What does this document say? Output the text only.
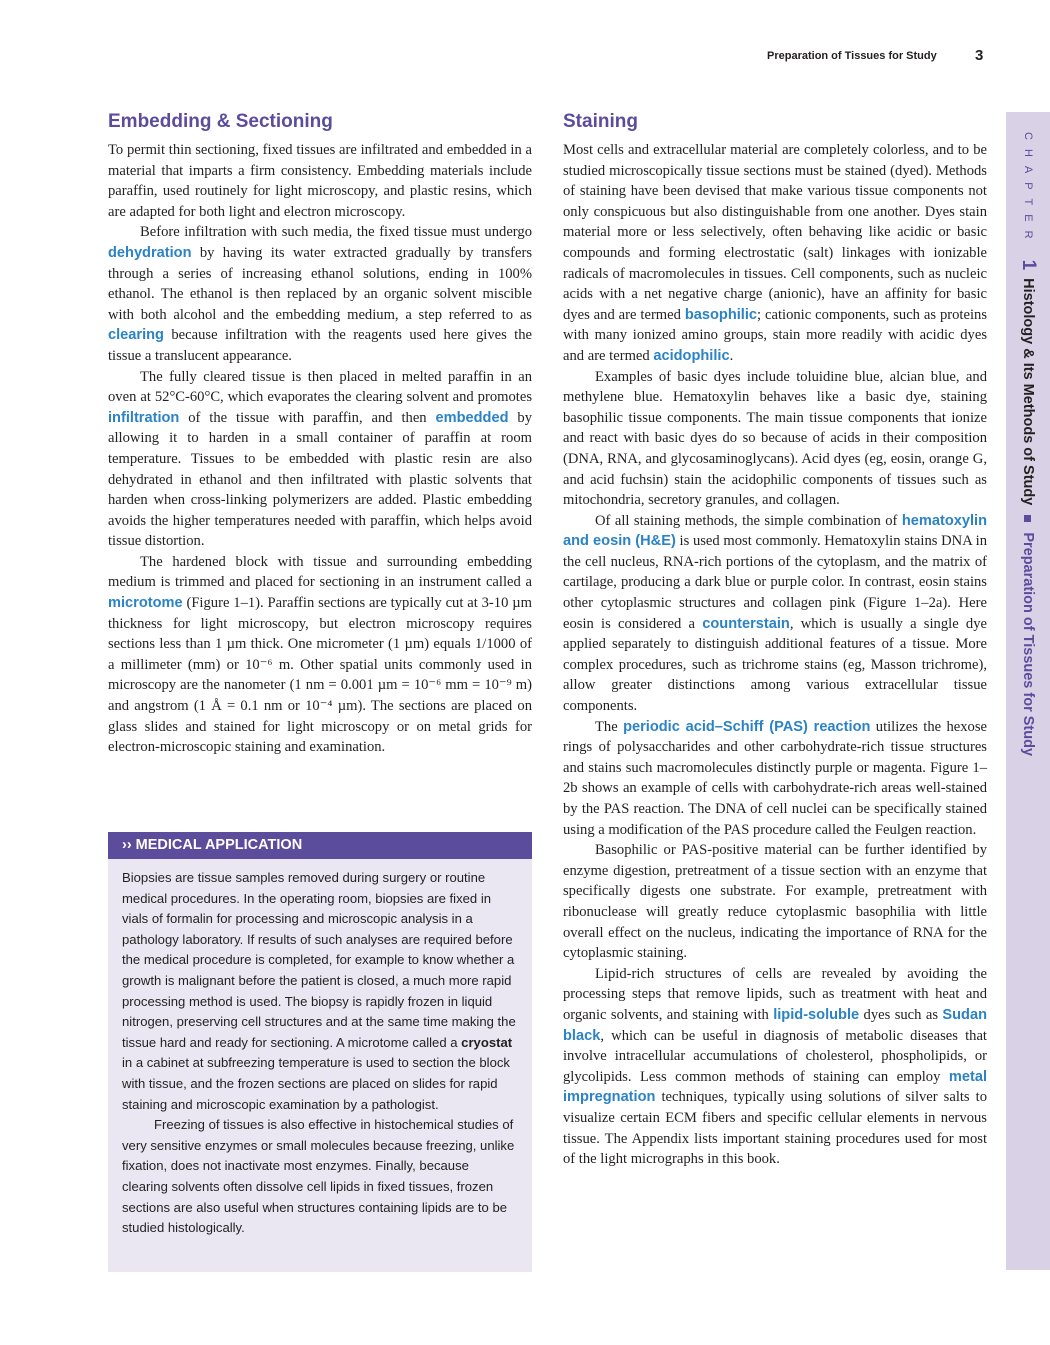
Preparation of Tissues for Study	3
Embedding & Sectioning

To permit thin sectioning, fixed tissues are infiltrated and embedded in a material that imparts a firm consistency. Embedding materials include paraffin, used routinely for light microscopy, and plastic resins, which are adapted for both light and electron microscopy.

Before infiltration with such media, the fixed tissue must undergo dehydration by having its water extracted gradually by transfers through a series of increasing ethanol solutions, ending in 100% ethanol. The ethanol is then replaced by an organic solvent miscible with both alcohol and the embedding medium, a step referred to as clearing because infiltration with the reagents used here gives the tissue a translucent appearance.

The fully cleared tissue is then placed in melted paraffin in an oven at 52°C-60°C, which evaporates the clearing solvent and promotes infiltration of the tissue with paraffin, and then embedded by allowing it to harden in a small container of paraffin at room temperature. Tissues to be embedded with plastic resin are also dehydrated in ethanol and then infiltrated with plastic solvents that harden when cross-linking polymerizers are added. Plastic embedding avoids the higher temperatures needed with paraffin, which helps avoid tissue distortion.

The hardened block with tissue and surrounding embedding medium is trimmed and placed for sectioning in an instrument called a microtome (Figure 1–1). Paraffin sections are typically cut at 3-10 µm thickness for light microscopy, but electron microscopy requires sections less than 1 µm thick. One micrometer (1 µm) equals 1/1000 of a millimeter (mm) or 10⁻⁶ m. Other spatial units commonly used in microscopy are the nanometer (1 nm = 0.001 µm = 10⁻⁶ mm = 10⁻⁹ m) and angstrom (1 Å = 0.1 nm or 10⁻⁴ µm). The sections are placed on glass slides and stained for light microscopy or on metal grids for electron-microscopic staining and examination.

›› MEDICAL APPLICATION

Biopsies are tissue samples removed during surgery or routine medical procedures. In the operating room, biopsies are fixed in vials of formalin for processing and microscopic analysis in a pathology laboratory. If results of such analyses are required before the medical procedure is completed, for example to know whether a growth is malignant before the patient is closed, a much more rapid processing method is used. The biopsy is rapidly frozen in liquid nitrogen, preserving cell structures and at the same time making the tissue hard and ready for sectioning. A microtome called a cryostat in a cabinet at subfreezing temperature is used to section the block with tissue, and the frozen sections are placed on slides for rapid staining and microscopic examination by a pathologist.

Freezing of tissues is also effective in histochemical studies of very sensitive enzymes or small molecules because freezing, unlike fixation, does not inactivate most enzymes. Finally, because clearing solvents often dissolve cell lipids in fixed tissues, frozen sections are also useful when structures containing lipids are to be studied histologically.

Staining

Most cells and extracellular material are completely colorless, and to be studied microscopically tissue sections must be stained (dyed). Methods of staining have been devised that make various tissue components not only conspicuous but also distinguishable from one another. Dyes stain material more or less selectively, often behaving like acidic or basic compounds and forming electrostatic (salt) linkages with ionizable radicals of macromolecules in tissues. Cell components, such as nucleic acids with a net negative charge (anionic), have an affinity for basic dyes and are termed basophilic; cationic components, such as proteins with many ionized amino groups, stain more readily with acidic dyes and are termed acidophilic.

Examples of basic dyes include toluidine blue, alcian blue, and methylene blue. Hematoxylin behaves like a basic dye, staining basophilic tissue components. The main tissue components that ionize and react with basic dyes do so because of acids in their composition (DNA, RNA, and glycosaminoglycans). Acid dyes (eg, eosin, orange G, and acid fuchsin) stain the acidophilic components of tissues such as mitochondria, secretory granules, and collagen.

Of all staining methods, the simple combination of hematoxylin and eosin (H&E) is used most commonly. Hematoxylin stains DNA in the cell nucleus, RNA-rich portions of the cytoplasm, and the matrix of cartilage, producing a dark blue or purple color. In contrast, eosin stains other cytoplasmic structures and collagen pink (Figure 1–2a). Here eosin is considered a counterstain, which is usually a single dye applied separately to distinguish additional features of a tissue. More complex procedures, such as trichrome stains (eg, Masson trichrome), allow greater distinctions among various extracellular tissue components.

The periodic acid–Schiff (PAS) reaction utilizes the hexose rings of polysaccharides and other carbohydrate-rich tissue structures and stains such macromolecules distinctly purple or magenta. Figure 1–2b shows an example of cells with carbohydrate-rich areas well-stained by the PAS reaction. The DNA of cell nuclei can be specifically stained using a modification of the PAS procedure called the Feulgen reaction.

Basophilic or PAS-positive material can be further identified by enzyme digestion, pretreatment of a tissue section with an enzyme that specifically digests one substrate. For example, pretreatment with ribonuclease will greatly reduce cytoplasmic basophilia with little overall effect on the nucleus, indicating the importance of RNA for the cytoplasmic staining.

Lipid-rich structures of cells are revealed by avoiding the processing steps that remove lipids, such as treatment with heat and organic solvents, and staining with lipid-soluble dyes such as Sudan black, which can be useful in diagnosis of metabolic diseases that involve intracellular accumulations of cholesterol, phospholipids, or glycolipids. Less common methods of staining can employ metal impregnation techniques, typically using solutions of silver salts to visualize certain ECM fibers and specific cellular elements in nervous tissue. The Appendix lists important staining procedures used for most of the light micrographs in this book.

CHAPTER
1
Histology & Its Methods of Study
Preparation of Tissues for Study
